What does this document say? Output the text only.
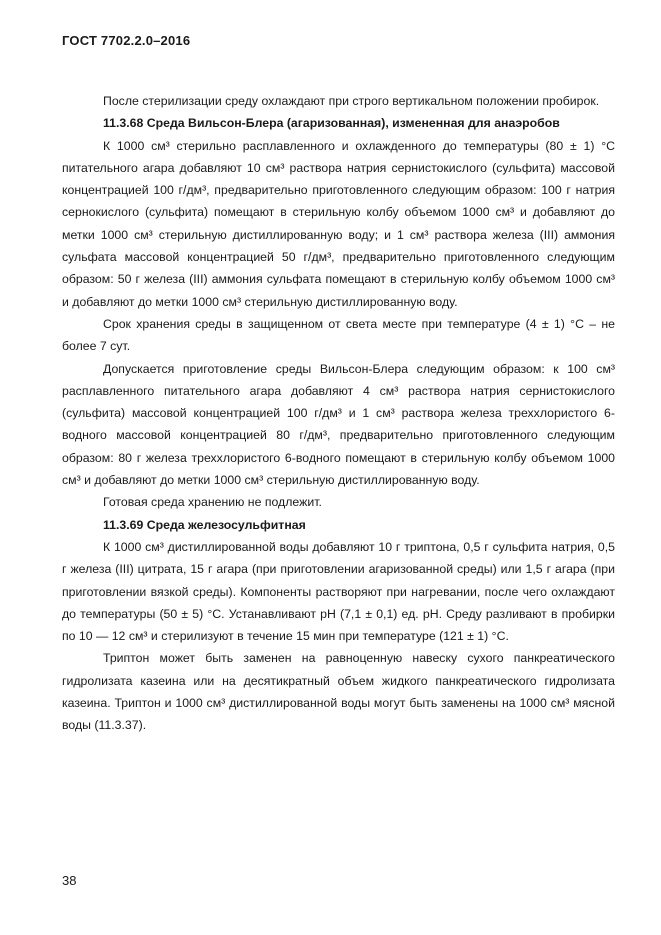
ГОСТ 7702.2.0–2016

После стерилизации среду охлаждают при строго вертикальном положении пробирок.

11.3.68 Среда Вильсон-Блера (агаризованная), измененная для анаэробов

К 1000 см³ стерильно расплавленного и охлажденного до температуры (80 ± 1) °С питательного агара добавляют 10 см³ раствора натрия сернистокислого (сульфита) массовой концентрацией 100 г/дм³, предварительно приготовленного следующим образом: 100 г натрия сернокислого (сульфита) помещают в стерильную колбу объемом 1000 см³ и добавляют до метки 1000 см³ стерильную дистиллированную воду; и 1 см³ раствора железа (III) аммония сульфата массовой концентрацией 50 г/дм³, предварительно приготовленного следующим образом: 50 г железа (III) аммония сульфата помещают в стерильную колбу объемом 1000 см³ и добавляют до метки 1000 см³ стерильную дистиллированную воду.

Срок хранения среды в защищенном от света месте при температуре (4 ± 1) °С – не более 7 сут.

Допускается приготовление среды Вильсон-Блера следующим образом: к 100 см³ расплавленного питательного агара добавляют 4 см³ раствора натрия сернистокислого (сульфита) массовой концентрацией 100 г/дм³ и 1 см³ раствора железа треххлористого 6-водного массовой концентрацией 80 г/дм³, предварительно приготовленного следующим образом: 80 г железа треххлористого 6-водного помещают в стерильную колбу объемом 1000 см³ и добавляют до метки 1000 см³ стерильную дистиллированную воду.

Готовая среда хранению не подлежит.

11.3.69 Среда железосульфитная

К 1000 см³ дистиллированной воды добавляют 10 г триптона, 0,5 г сульфита натрия, 0,5 г железа (III) цитрата, 15 г агара (при приготовлении агаризованной среды) или 1,5 г агара (при приготовлении вязкой среды). Компоненты растворяют при нагревании, после чего охлаждают до температуры (50 ± 5) °С. Устанавливают рН (7,1 ± 0,1) ед. рН. Среду разливают в пробирки по 10 — 12 см³ и стерилизуют в течение 15 мин при температуре (121 ± 1) °С.

Триптон может быть заменен на равноценную навеску сухого панкреатического гидролизата казеина или на десятикратный объем жидкого панкреатического гидролизата казеина. Триптон и 1000 см³ дистиллированной воды могут быть заменены на 1000 см³ мясной воды (11.3.37).

38
